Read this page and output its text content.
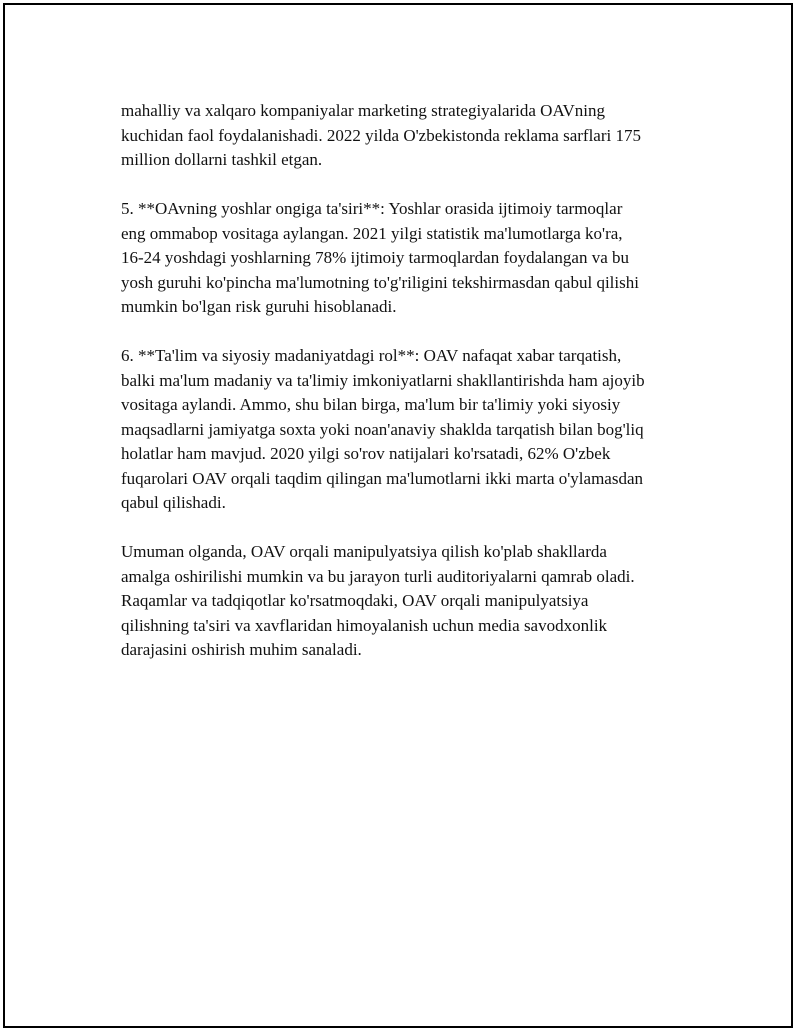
mahalliy va xalqaro kompaniyalar marketing strategiyalarida OAVning
kuchidan faol foydalanishadi. 2022 yilda O'zbekistonda reklama sarflari 175
million dollarni tashkil etgan.

5. **OAvning yoshlar ongiga ta'siri**: Yoshlar orasida ijtimoiy tarmoqlar
eng ommabop vositaga aylangan. 2021 yilgi statistik ma'lumotlarga ko'ra,
16-24 yoshdagi yoshlarning 78% ijtimoiy tarmoqlardan foydalangan va bu
yosh guruhi ko'pincha ma'lumotning to'g'riligini tekshirmasdan qabul qilishi
mumkin bo'lgan risk guruhi hisoblanadi.

6. **Ta'lim va siyosiy madaniyatdagi rol**: OAV nafaqat xabar tarqatish,
balki ma'lum madaniy va ta'limiy imkoniyatlarni shakllantirishda ham ajoyib
vositaga aylandi. Ammo, shu bilan birga, ma'lum bir ta'limiy yoki siyosiy
maqsadlarni jamiyatga soxta yoki noan'anaviy shaklda tarqatish bilan bog'liq
holatlar ham mavjud. 2020 yilgi so'rov natijalari ko'rsatadi, 62% O'zbek
fuqarolari OAV orqali taqdim qilingan ma'lumotlarni ikki marta o'ylamasdan
qabul qilishadi.

Umuman olganda, OAV orqali manipulyatsiya qilish ko'plab shakllarda
amalga oshirilishi mumkin va bu jarayon turli auditoriyalarni qamrab oladi.
Raqamlar va tadqiqotlar ko'rsatmoqdaki, OAV orqali manipulyatsiya
qilishning ta'siri va xavflaridan himoyalanish uchun media savodxonlik
darajasini oshirish muhim sanaladi.
